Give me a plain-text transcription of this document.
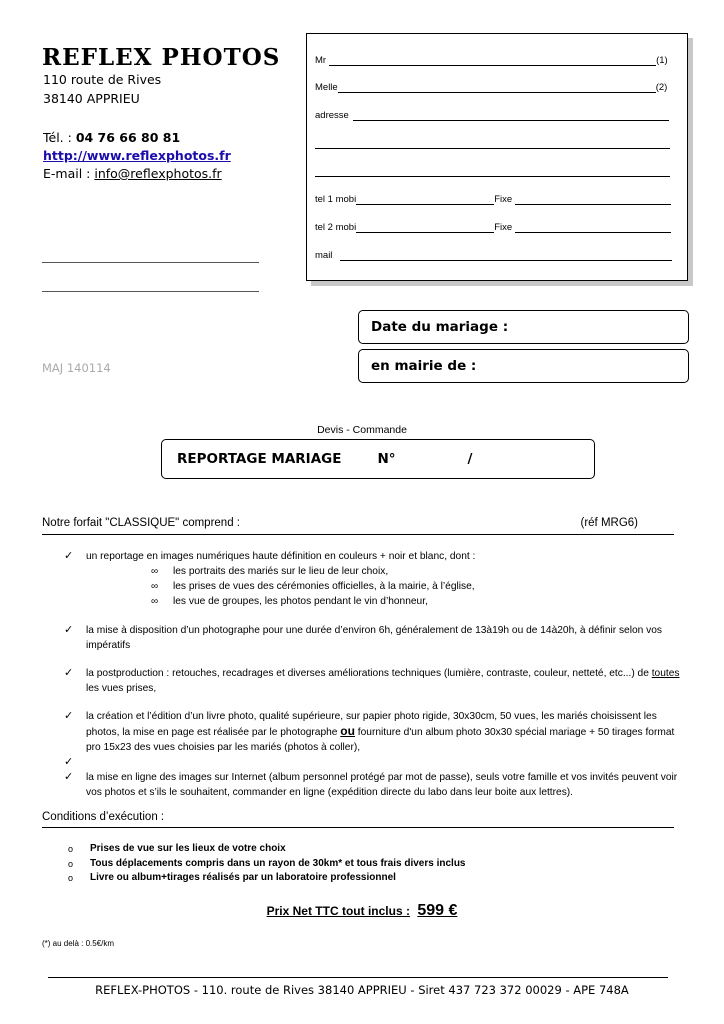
REFLEX PHOTOS
110 route de Rives
38140 APPRIEU
Tél. : 04 76 66 80 81
http://www.reflexphotos.fr
E-mail : info@reflexphotos.fr
Mr	(1)
Melle	(2)
adresse
tel 1 mobi	Fixe
tel 2 mobi	Fixe
mail
Date du mariage :
en mairie de :
MAJ 140114
Devis - Commande
REPORTAGE MARIAGE	N°	/
Notre forfait "CLASSIQUE" comprend :	(réf MRG6)
✓ un reportage en images numériques haute définition en couleurs + noir et blanc, dont :
∞ les portraits des mariés sur le lieu de leur choix,
∞ les prises de vues des cérémonies officielles, à la mairie, à l’église,
∞ les vue de groupes, les photos pendant le vin d’honneur,
✓ la mise à disposition d’un photographe pour une durée d’environ 6h, généralement de 13à19h ou de 14à20h, à définir selon vos impératifs
✓ la postproduction : retouches, recadrages et diverses améliorations techniques (lumière, contraste, couleur, netteté, etc...) de toutes les vues prises,
✓ la création et l’édition d’un livre photo, qualité supérieure, sur papier photo rigide, 30x30cm, 50 vues, les mariés choisissent les photos, la mise en page est réalisée par le photographe ou fourniture d'un album photo 30x30 spécial mariage + 50 tirages format pro 15x23 des vues choisies par les mariés (photos à coller),
✓
✓ la mise en ligne des images sur Internet (album personnel protégé par mot de passe), seuls votre famille et vos invités peuvent voir vos photos et s’ils le souhaitent, commander en ligne (expédition directe du labo dans leur boite aux lettres).
Conditions d’exécution :
o Prises de vue sur les lieux de votre choix
o Tous déplacements compris dans un rayon de 30km* et tous frais divers inclus
o Livre ou album+tirages réalisés par un laboratoire professionnel
Prix Net TTC tout inclus : 599 €
(*) au delà : 0.5€/km
REFLEX-PHOTOS - 110. route de Rives 38140 APPRIEU - Siret 437 723 372 00029 - APE 748A
